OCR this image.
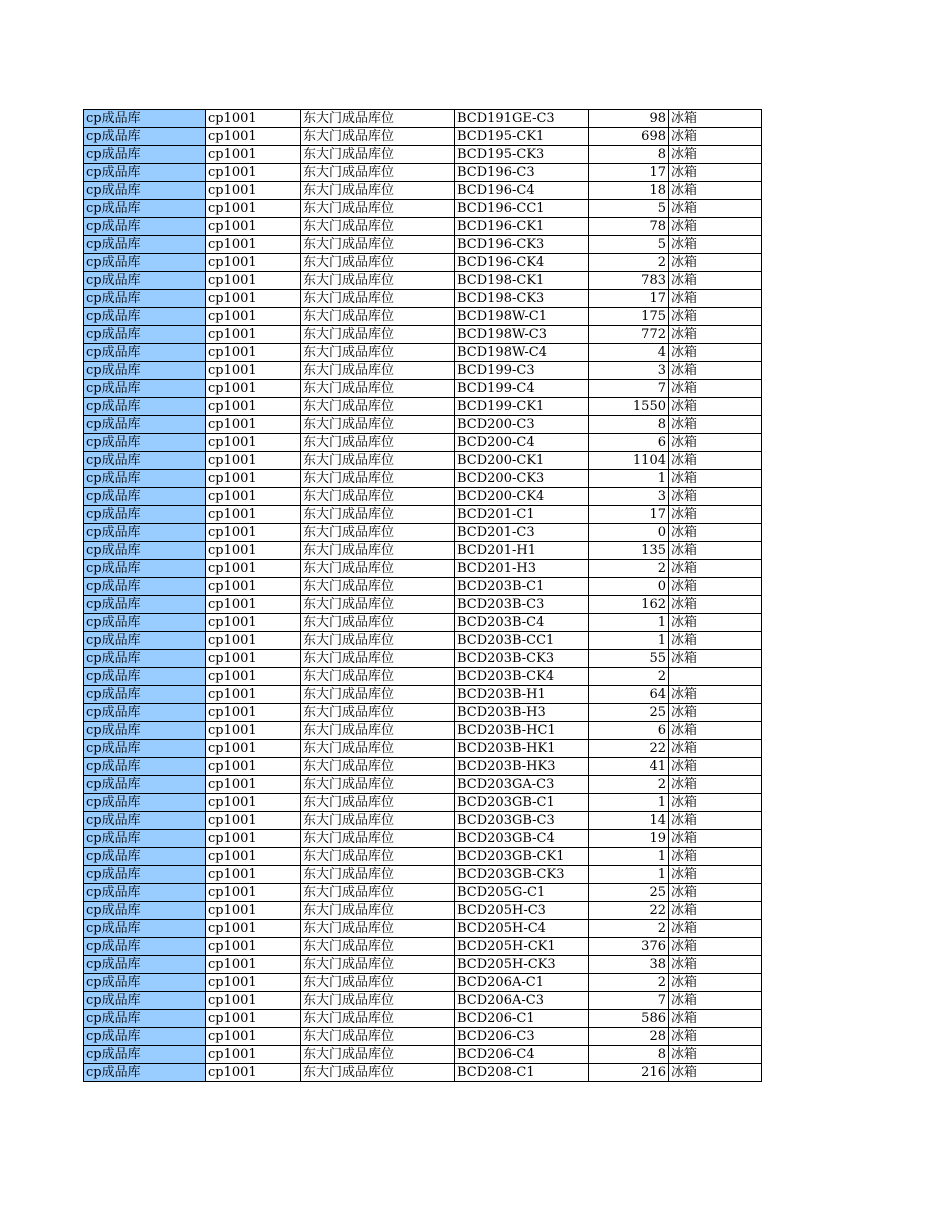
cp成品库	cp1001	东大门成品库位	BCD191GE-C3	98	冰箱
cp成品库	cp1001	东大门成品库位	BCD195-CK1	698	冰箱
cp成品库	cp1001	东大门成品库位	BCD195-CK3	8	冰箱
cp成品库	cp1001	东大门成品库位	BCD196-C3	17	冰箱
cp成品库	cp1001	东大门成品库位	BCD196-C4	18	冰箱
cp成品库	cp1001	东大门成品库位	BCD196-CC1	5	冰箱
cp成品库	cp1001	东大门成品库位	BCD196-CK1	78	冰箱
cp成品库	cp1001	东大门成品库位	BCD196-CK3	5	冰箱
cp成品库	cp1001	东大门成品库位	BCD196-CK4	2	冰箱
cp成品库	cp1001	东大门成品库位	BCD198-CK1	783	冰箱
cp成品库	cp1001	东大门成品库位	BCD198-CK3	17	冰箱
cp成品库	cp1001	东大门成品库位	BCD198W-C1	175	冰箱
cp成品库	cp1001	东大门成品库位	BCD198W-C3	772	冰箱
cp成品库	cp1001	东大门成品库位	BCD198W-C4	4	冰箱
cp成品库	cp1001	东大门成品库位	BCD199-C3	3	冰箱
cp成品库	cp1001	东大门成品库位	BCD199-C4	7	冰箱
cp成品库	cp1001	东大门成品库位	BCD199-CK1	1550	冰箱
cp成品库	cp1001	东大门成品库位	BCD200-C3	8	冰箱
cp成品库	cp1001	东大门成品库位	BCD200-C4	6	冰箱
cp成品库	cp1001	东大门成品库位	BCD200-CK1	1104	冰箱
cp成品库	cp1001	东大门成品库位	BCD200-CK3	1	冰箱
cp成品库	cp1001	东大门成品库位	BCD200-CK4	3	冰箱
cp成品库	cp1001	东大门成品库位	BCD201-C1	17	冰箱
cp成品库	cp1001	东大门成品库位	BCD201-C3	0	冰箱
cp成品库	cp1001	东大门成品库位	BCD201-H1	135	冰箱
cp成品库	cp1001	东大门成品库位	BCD201-H3	2	冰箱
cp成品库	cp1001	东大门成品库位	BCD203B-C1	0	冰箱
cp成品库	cp1001	东大门成品库位	BCD203B-C3	162	冰箱
cp成品库	cp1001	东大门成品库位	BCD203B-C4	1	冰箱
cp成品库	cp1001	东大门成品库位	BCD203B-CC1	1	冰箱
cp成品库	cp1001	东大门成品库位	BCD203B-CK3	55	冰箱
cp成品库	cp1001	东大门成品库位	BCD203B-CK4	2	
cp成品库	cp1001	东大门成品库位	BCD203B-H1	64	冰箱
cp成品库	cp1001	东大门成品库位	BCD203B-H3	25	冰箱
cp成品库	cp1001	东大门成品库位	BCD203B-HC1	6	冰箱
cp成品库	cp1001	东大门成品库位	BCD203B-HK1	22	冰箱
cp成品库	cp1001	东大门成品库位	BCD203B-HK3	41	冰箱
cp成品库	cp1001	东大门成品库位	BCD203GA-C3	2	冰箱
cp成品库	cp1001	东大门成品库位	BCD203GB-C1	1	冰箱
cp成品库	cp1001	东大门成品库位	BCD203GB-C3	14	冰箱
cp成品库	cp1001	东大门成品库位	BCD203GB-C4	19	冰箱
cp成品库	cp1001	东大门成品库位	BCD203GB-CK1	1	冰箱
cp成品库	cp1001	东大门成品库位	BCD203GB-CK3	1	冰箱
cp成品库	cp1001	东大门成品库位	BCD205G-C1	25	冰箱
cp成品库	cp1001	东大门成品库位	BCD205H-C3	22	冰箱
cp成品库	cp1001	东大门成品库位	BCD205H-C4	2	冰箱
cp成品库	cp1001	东大门成品库位	BCD205H-CK1	376	冰箱
cp成品库	cp1001	东大门成品库位	BCD205H-CK3	38	冰箱
cp成品库	cp1001	东大门成品库位	BCD206A-C1	2	冰箱
cp成品库	cp1001	东大门成品库位	BCD206A-C3	7	冰箱
cp成品库	cp1001	东大门成品库位	BCD206-C1	586	冰箱
cp成品库	cp1001	东大门成品库位	BCD206-C3	28	冰箱
cp成品库	cp1001	东大门成品库位	BCD206-C4	8	冰箱
cp成品库	cp1001	东大门成品库位	BCD208-C1	216	冰箱
